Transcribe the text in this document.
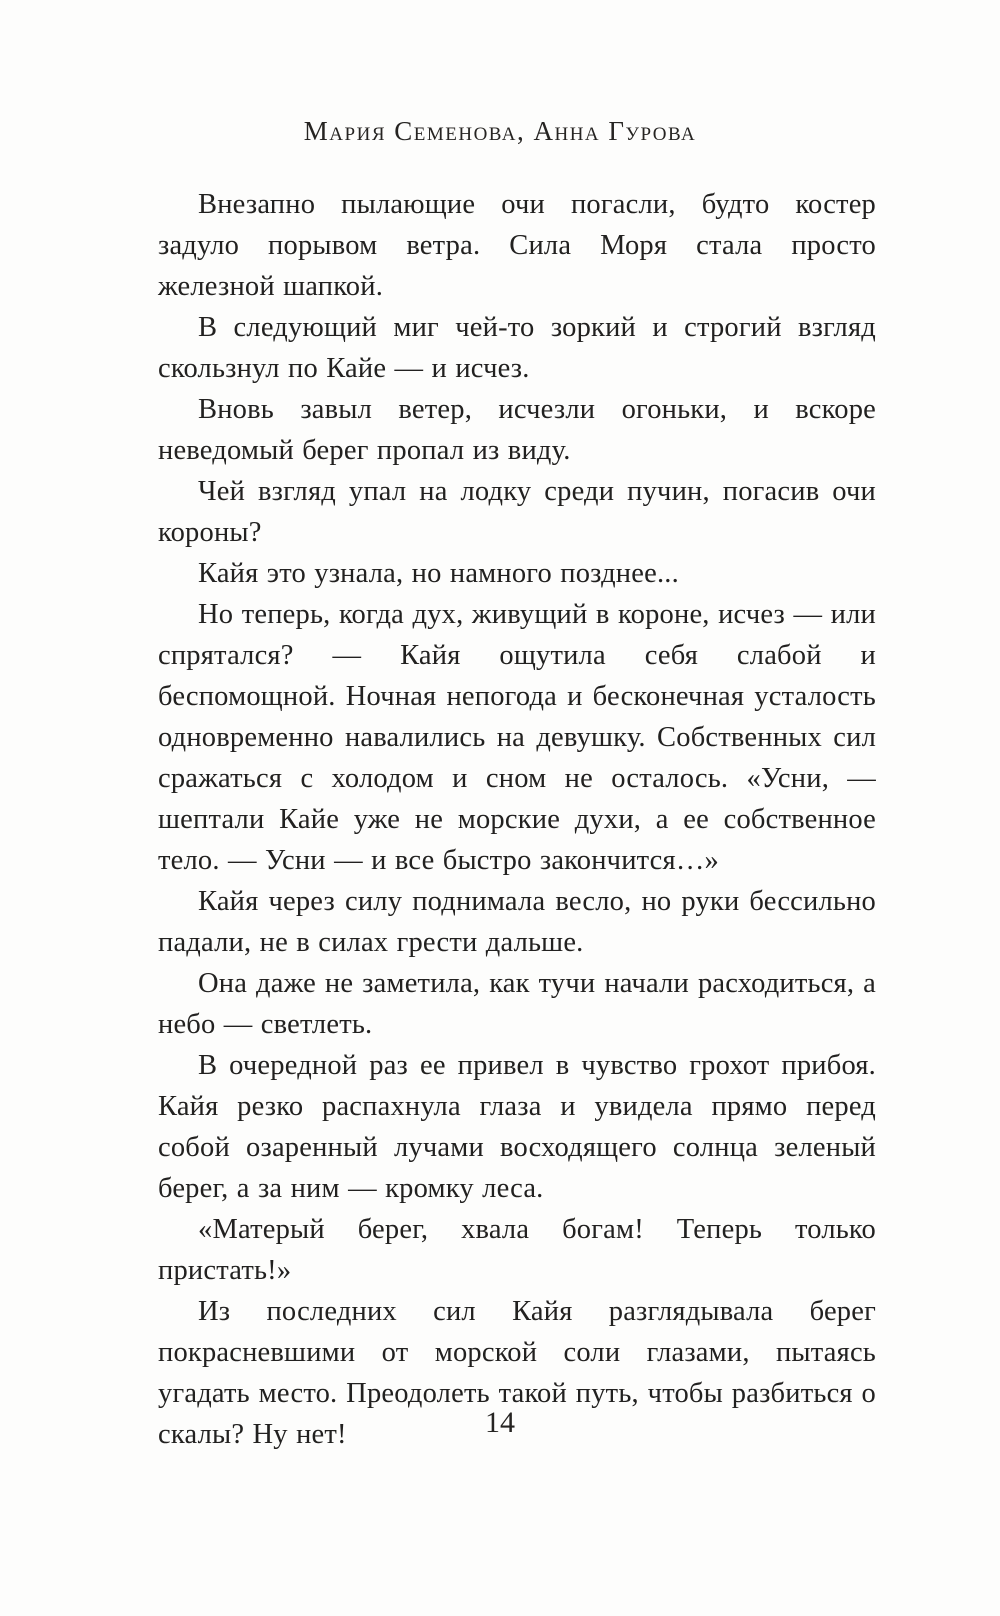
Мария Семенова, Анна Гурова

Внезапно пылающие очи погасли, будто костер задуло порывом ветра. Сила Моря стала просто железной шапкой.

В следующий миг чей-то зоркий и строгий взгляд скользнул по Кайе — и исчез.

Вновь завыл ветер, исчезли огоньки, и вскоре неведомый берег пропал из виду.

Чей взгляд упал на лодку среди пучин, погасив очи короны?

Кайя это узнала, но намного позднее...

Но теперь, когда дух, живущий в короне, исчез — или спрятался? — Кайя ощутила себя слабой и беспомощной. Ночная непогода и бесконечная усталость одновременно навалились на девушку. Собственных сил сражаться с холодом и сном не осталось. «Усни, — шептали Кайе уже не морские духи, а ее собственное тело. — Усни — и все быстро закончится…»

Кайя через силу поднимала весло, но руки бессильно падали, не в силах грести дальше.

Она даже не заметила, как тучи начали расходиться, а небо — светлеть.

В очередной раз ее привел в чувство грохот прибоя. Кайя резко распахнула глаза и увидела прямо перед собой озаренный лучами восходящего солнца зеленый берег, а за ним — кромку леса.

«Матерый берег, хвала богам! Теперь только пристать!»

Из последних сил Кайя разглядывала берег покрасневшими от морской соли глазами, пытаясь угадать место. Преодолеть такой путь, чтобы разбиться о скалы? Ну нет!	14
